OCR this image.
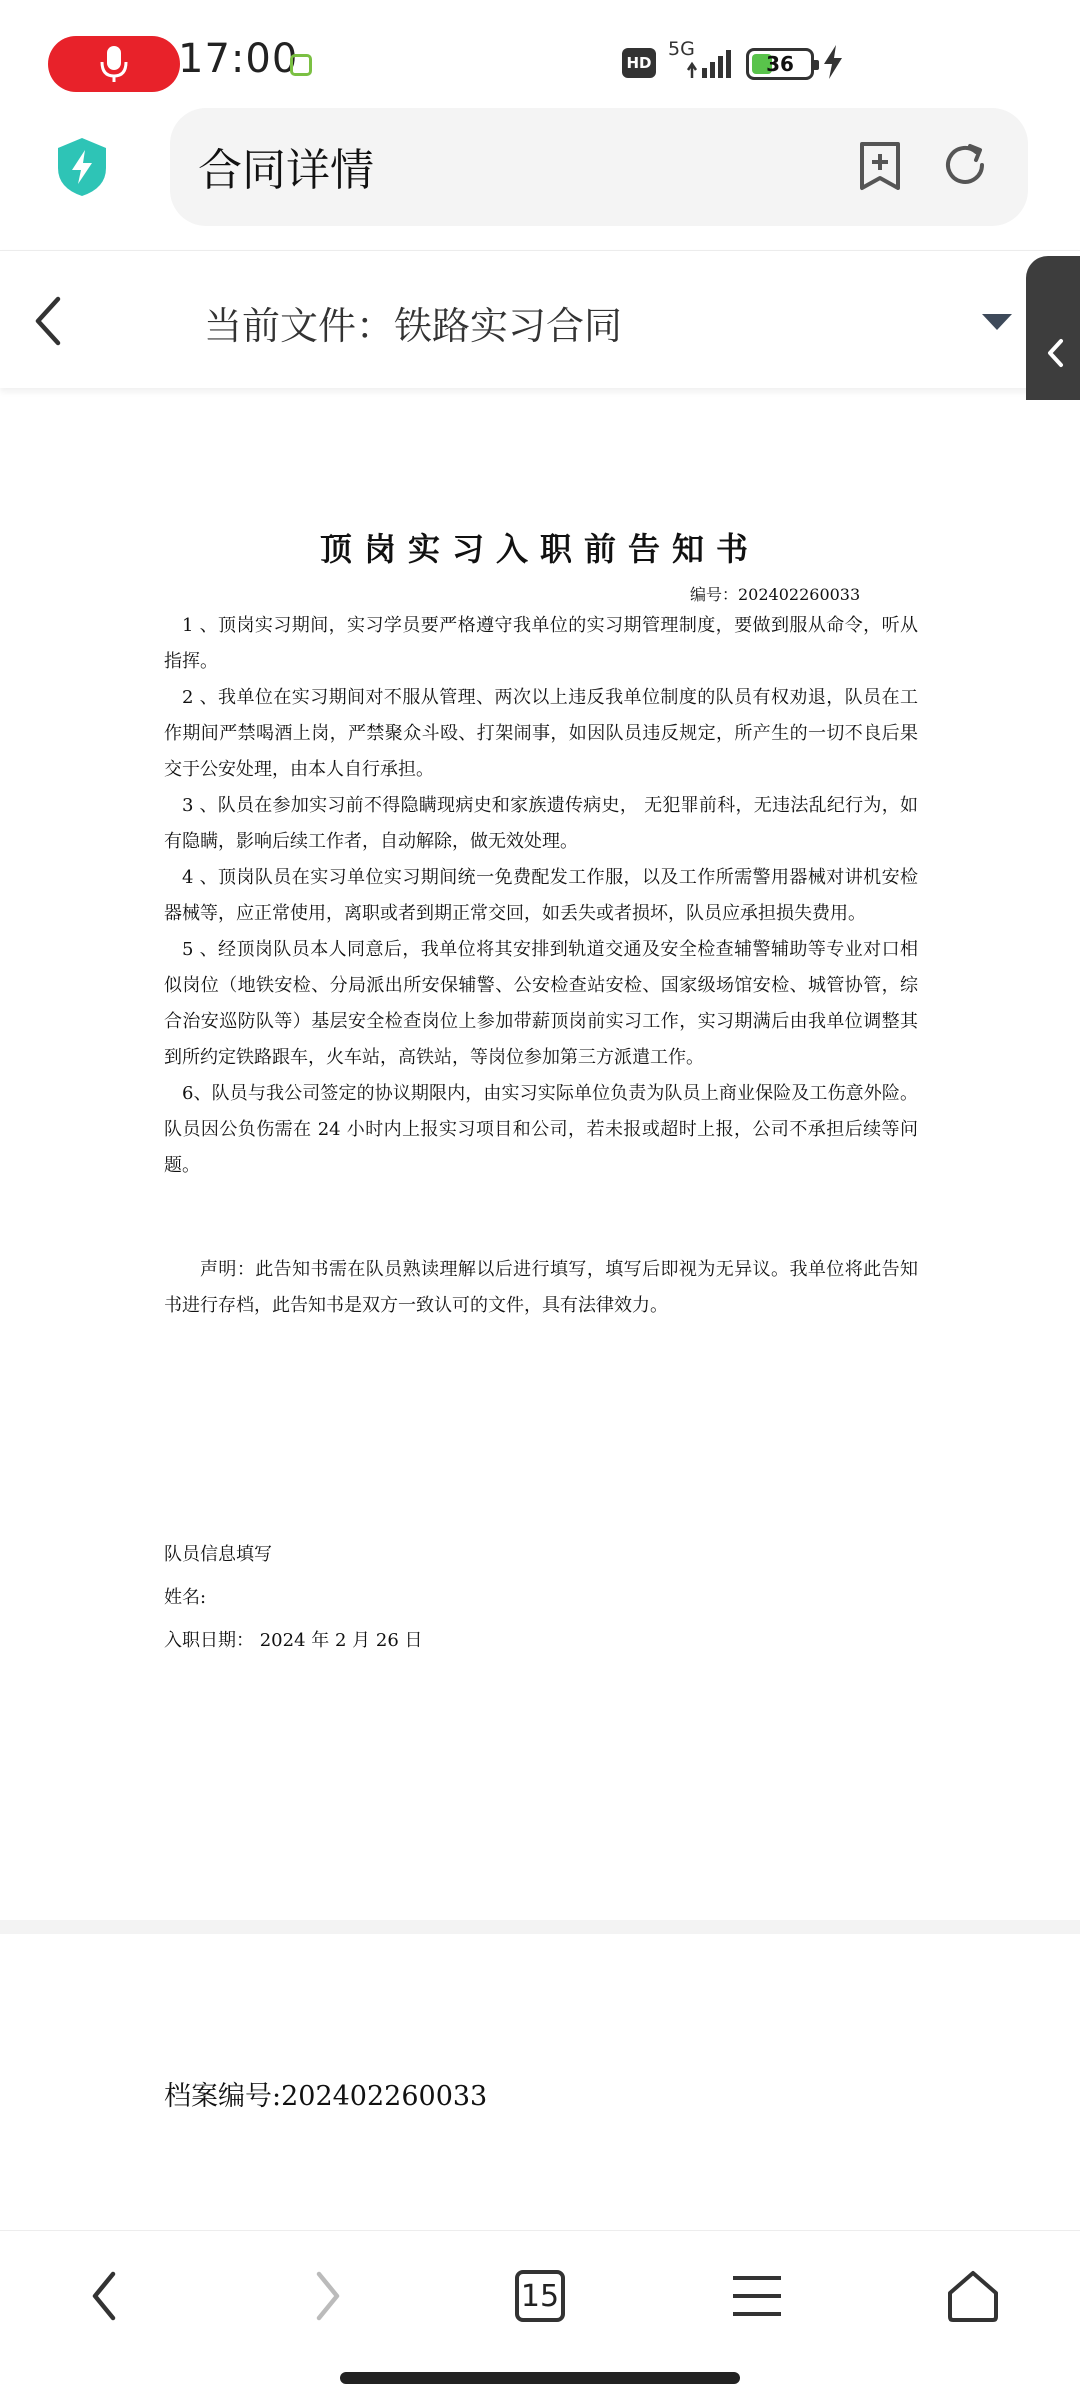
17:00	HD
5G
36
合同详情
当前文件：铁路实习合同
顶岗实习入职前告知书
编号：202402260033

1 、顶岗实习期间，实习学员要严格遵守我单位的实习期管理制度，要做到服从命令，听从指挥。

2 、我单位在实习期间对不服从管理、两次以上违反我单位制度的队员有权劝退，队员在工作期间严禁喝酒上岗，严禁聚众斗殴、打架闹事，如因队员违反规定，所产生的一切不良后果交于公安处理，由本人自行承担。

3 、队员在参加实习前不得隐瞒现病史和家族遗传病史， 无犯罪前科，无违法乱纪行为，如有隐瞒，影响后续工作者，自动解除，做无效处理。

4 、顶岗队员在实习单位实习期间统一免费配发工作服，以及工作所需警用器械对讲机安检器械等，应正常使用，离职或者到期正常交回，如丢失或者损坏，队员应承担损失费用。

5 、经顶岗队员本人同意后，我单位将其安排到轨道交通及安全检查辅警辅助等专业对口相似岗位（地铁安检、分局派出所安保辅警、公安检查站安检、国家级场馆安检、城管协管，综合治安巡防队等）基层安全检查岗位上参加带薪顶岗前实习工作，实习期满后由我单位调整其到所约定铁路跟车，火车站，高铁站，等岗位参加第三方派遣工作。

6、队员与我公司签定的协议期限内，由实习实际单位负责为队员上商业保险及工伤意外险。队员因公负伤需在 24 小时内上报实习项目和公司，若未报或超时上报，公司不承担后续等问题。

声明：此告知书需在队员熟读理解以后进行填写，填写后即视为无异议。我单位将此告知书进行存档，此告知书是双方一致认可的文件，具有法律效力。
队员信息填写
姓名:
入职日期： 2024 年 2 月 26 日
档案编号:202402260033
15
